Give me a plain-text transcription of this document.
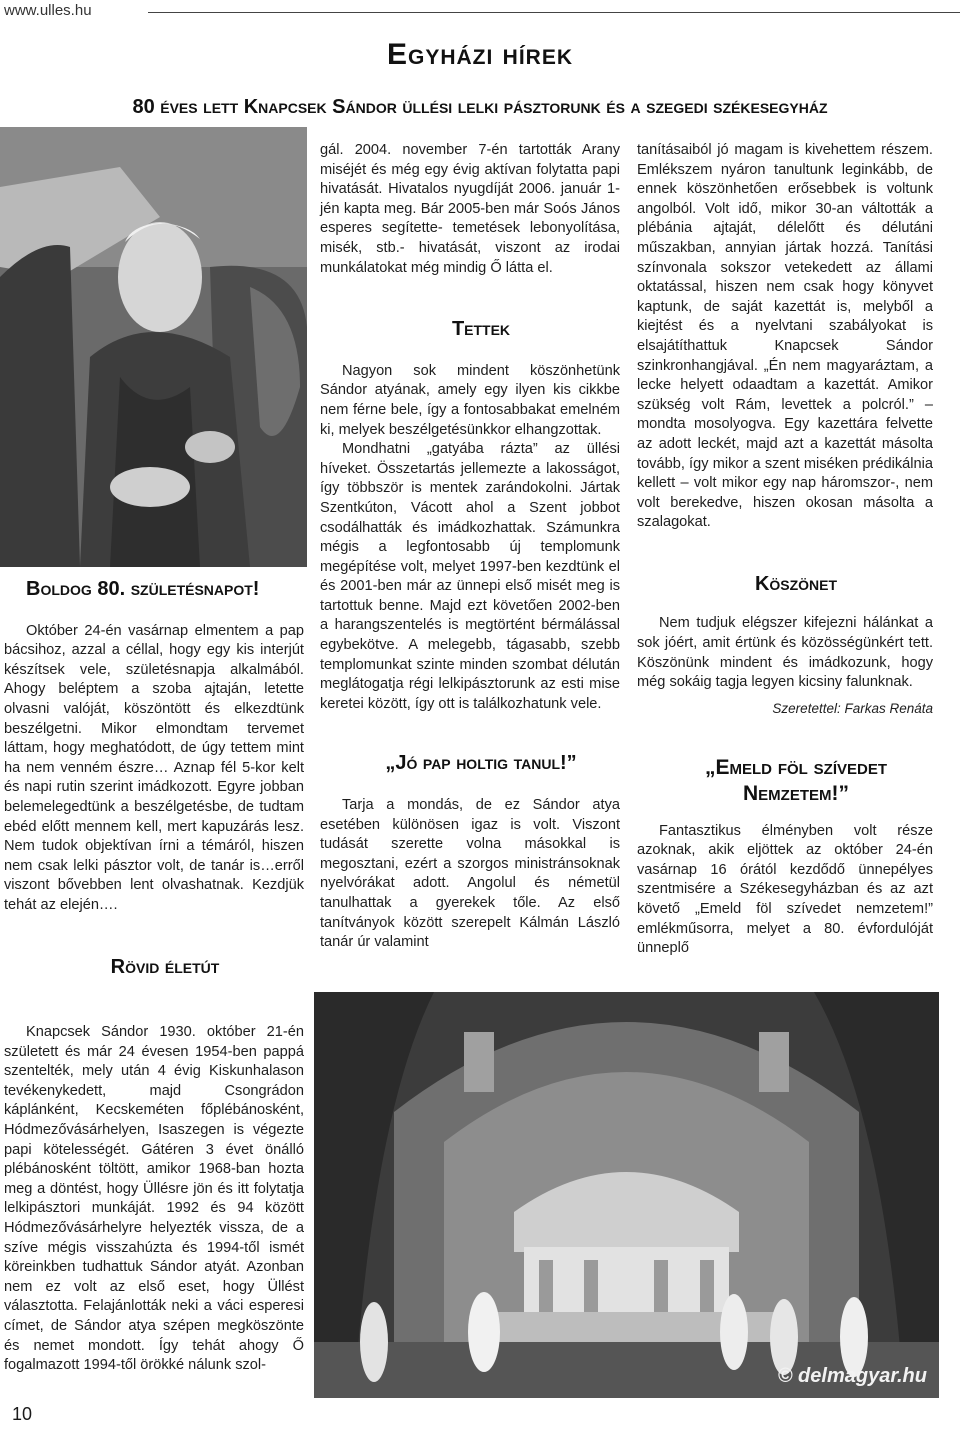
www.ulles.hu
Egyházi hírek
80 éves lett Knapcsek Sándor üllési lelki pásztorunk és a szegedi székesegyház

Boldog 80. születésnapot!

Október 24-én vasárnap elmentem a pap bácsihoz, azzal a céllal, hogy egy kis interjút készítsek vele, születésnapja alkalmából. Ahogy beléptem a szoba ajtaján, letette olvasni valóját, köszöntött és elkezdtünk beszélgetni. Mikor elmondtam tervemet láttam, hogy meghatódott, de úgy tettem mint ha nem venném észre… Aznap fél 5-kor kelt és napi rutin szerint imádkozott. Egyre jobban belemelegedtünk a beszélgetésbe, de tudtam ebéd előtt mennem kell, mert kapuzárás lesz. Nem tudok objektívan írni a témáról, hiszen nem csak lelki pásztor volt, de tanár is…erről viszont bővebben lent olvashatnak. Kezdjük tehát az elején….

Rövid életút

Knapcsek Sándor 1930. október 21-én született és már 24 évesen 1954-ben pappá szentelték, mely után 4 évig Kiskunhalason tevékenykedett, majd Csongrádon káplánként, Kecskeméten főplébánosként, Hódmezővásárhelyen, Isaszegen is végezte papi kötelességét. Gátéren 3 évet önálló plébánosként töltött, amikor 1968-ban hozta meg a döntést, hogy Üllésre jön és itt folytatja lelkipásztori munkáját. 1992 és 94 között Hódmezővásárhelyre helyezték vissza, de a szíve mégis visszahúzta és 1994-től ismét köreinkben tudhattuk Sándor atyát. Azonban nem ez volt az első eset, hogy Üllést választotta. Felajánlották neki a váci esperesi címet, de Sándor atya szépen megköszönte és nemet mondott. Így tehát ahogy Ő fogalmazott 1994-től örökké nálunk szol-

gál. 2004. november 7-én tartották Arany miséjét és még egy évig aktívan folytatta papi hivatását. Hivatalos nyugdíját 2006. január 1-jén kapta meg. Bár 2005-ben már Soós János esperes segítette- temetések lebonyolítása, misék, stb.- hivatását, viszont az irodai munkálatokat még mindig Ő látta el.

Tettek

Nagyon sok mindent köszönhetünk Sándor atyának, amely egy ilyen kis cikkbe nem férne bele, így a fontosabbakat emelném ki, melyek beszélgetésünkkor elhangzottak.

Mondhatni „gatyába rázta” az üllési híveket. Összetartás jellemezte a lakosságot, így többször is mentek zarándokolni. Jártak Szentkúton, Vácott ahol a Szent jobbot csodálhatták és imádkozhattak. Számunkra mégis a legfontosabb új templomunk megépítése volt, melyet 1997-ben kezdtünk el és 2001-ben már az ünnepi első misét meg is tartottuk benne. Majd ezt követően 2002-ben a harangszentelés is megtörtént bérmálással egybekötve. A melegebb, tágasabb, szebb templomunkat szinte minden szombat délután meglátogatja régi lelkipásztorunk az esti mise keretei között, így ott is találkozhatunk vele.

„Jó pap holtig tanul!”

Tarja a mondás, de ez Sándor atya esetében különösen igaz is volt. Viszont tudását szerette volna másokkal is megosztani, ezért a szorgos ministránsoknak nyelvórákat adott. Angolul és németül tanulhattak a gyerekek tőle. Az első tanítványok között szerepelt Kálmán László tanár úr valamint

tanításaiból jó magam is kivehettem részem. Emlékszem nyáron tanultunk leginkább, de ennek köszönhetően erősebbek is voltunk angolból. Volt idő, mikor 30-an váltották a plébánia ajtaját, délelőtt és délutáni műszakban, annyian jártak hozzá. Tanítási színvonala sokszor vetekedett az állami oktatással, hiszen nem csak hogy könyvet kaptunk, de saját kazettát is, melyből a kiejtést és a nyelvtani szabályokat is elsajátíthattuk Knapcsek Sándor szinkronhangjával. „Én nem magyaráztam, a lecke helyett odaadtam a kazettát. Amikor szükség volt Rám, levettek a polcról.” – mondta mosolyogva. Egy kazettára felvette az adott leckét, majd azt a kazettát másolta tovább, így mikor a szent miséken prédikálnia kellett – volt mikor egy nap háromszor-, nem volt berekedve, hiszen okosan másolta a szalagokat.

Köszönet

Nem tudjuk elégszer kifejezni hálánkat a sok jóért, amit értünk és közösségünkért tett. Köszönünk mindent és imádkozunk, hogy még sokáig tagja legyen kicsiny falunknak.

Szeretettel: Farkas Renáta

„Emeld föl szívedet

Nemzetem!”

Fantasztikus élményben volt része azoknak, akik eljöttek az október 24-én vasárnap 16 órától kezdődő ünnepélyes szentmisére a Székesegyházban és az azt követő „Emeld föl szívedet nemzetem!” emlékműsorra, melyet a 80. évfordulóját ünneplő

© delmagyar.hu
10
